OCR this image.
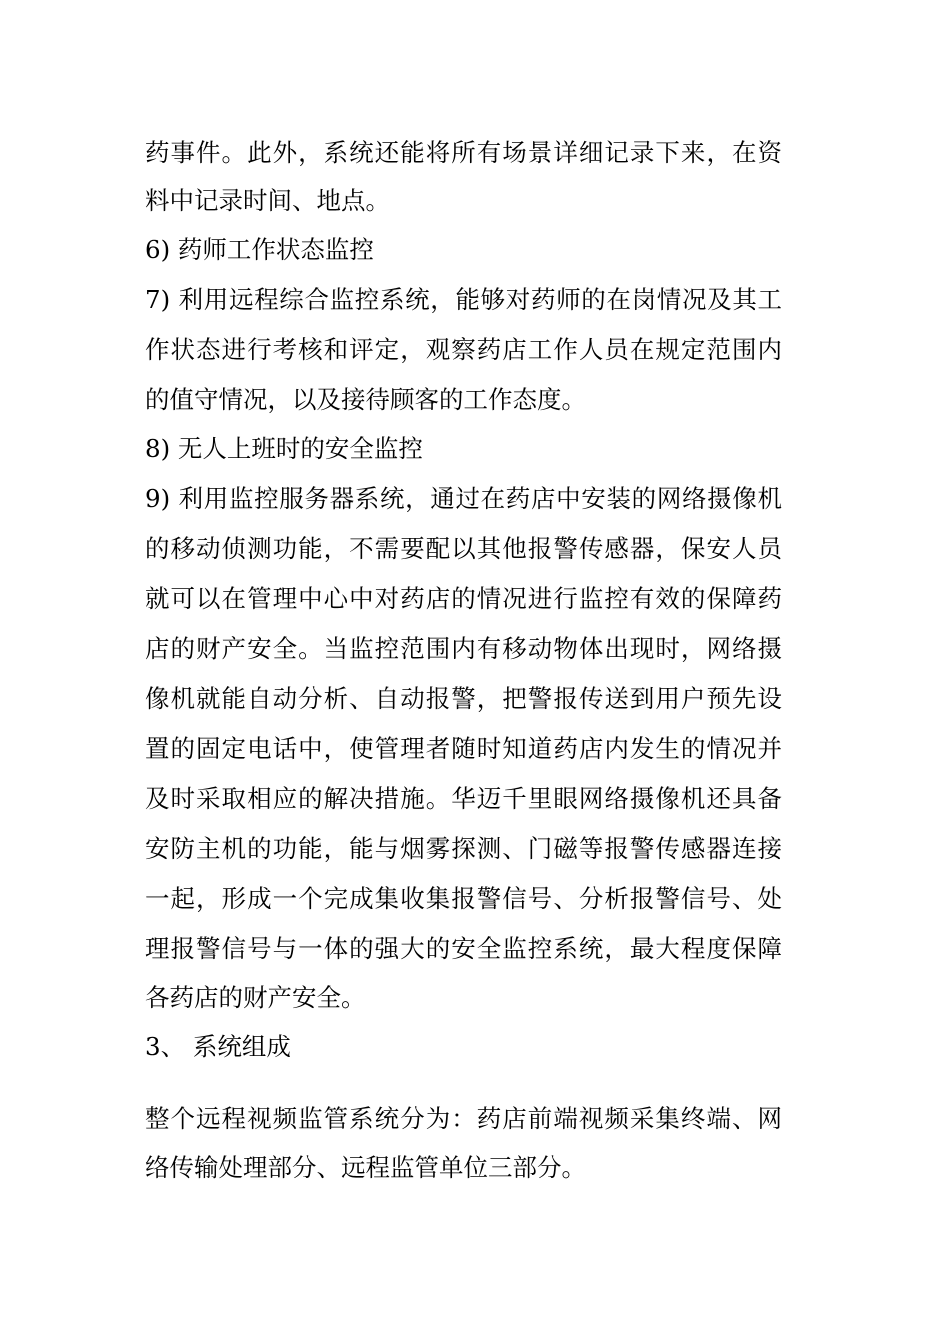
药事件。此外，系统还能将所有场景详细记录下来，在资
料中记录时间、地点。
6) 药师工作状态监控
7) 利用远程综合监控系统，能够对药师的在岗情况及其工
作状态进行考核和评定，观察药店工作人员在规定范围内
的值守情况，以及接待顾客的工作态度。
8) 无人上班时的安全监控
9) 利用监控服务器系统，通过在药店中安装的网络摄像机
的移动侦测功能，不需要配以其他报警传感器，保安人员
就可以在管理中心中对药店的情况进行监控有效的保障药
店的财产安全。当监控范围内有移动物体出现时，网络摄
像机就能自动分析、自动报警，把警报传送到用户预先设
置的固定电话中，使管理者随时知道药店内发生的情况并
及时采取相应的解决措施。华迈千里眼网络摄像机还具备
安防主机的功能，能与烟雾探测、门磁等报警传感器连接
一起，形成一个完成集收集报警信号、分析报警信号、处
理报警信号与一体的强大的安全监控系统，最大程度保障
各药店的财产安全。
3、 系统组成
整个远程视频监管系统分为：药店前端视频采集终端、网
络传输处理部分、远程监管单位三部分。
